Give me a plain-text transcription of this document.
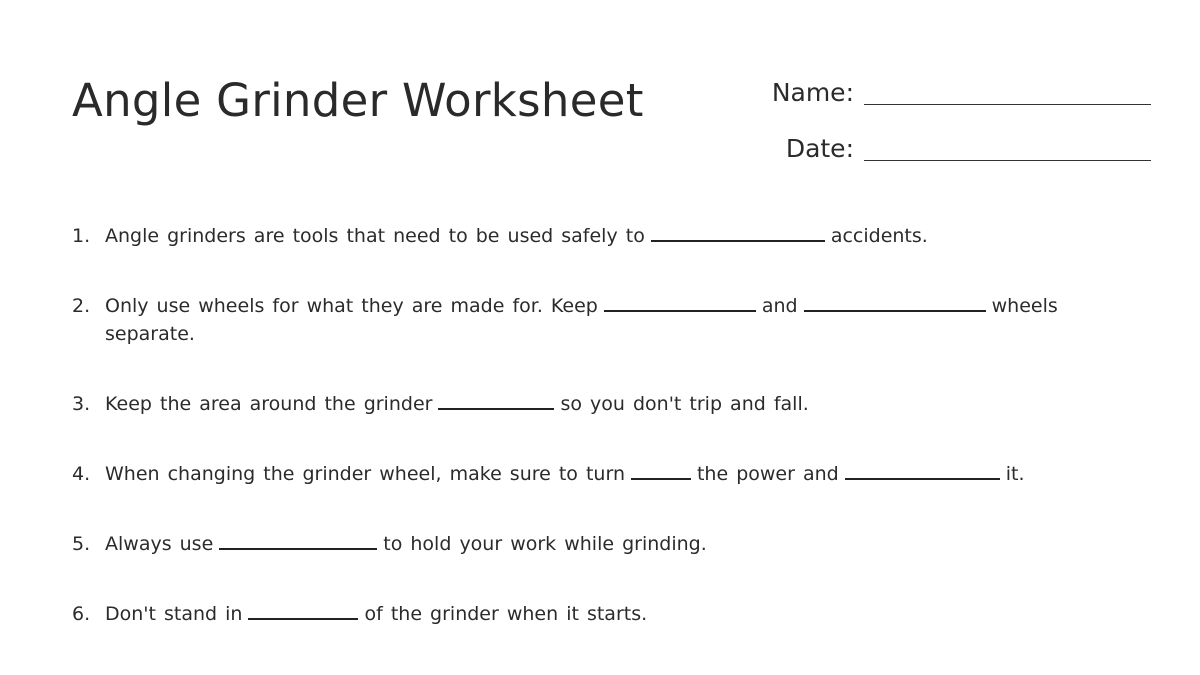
Angle Grinder Worksheet	Name:
Date:
1. Angle grinders are tools that need to be used safely to	accidents.
2. Only use wheels for what they are made for. Keep	and	wheels separate.
3. Keep the area around the grinder	so you don't trip and fall.
4. When changing the grinder wheel, make sure to turn	the power and	it.
5. Always use	to hold your work while grinding.
6. Don't stand in	of the grinder when it starts.
